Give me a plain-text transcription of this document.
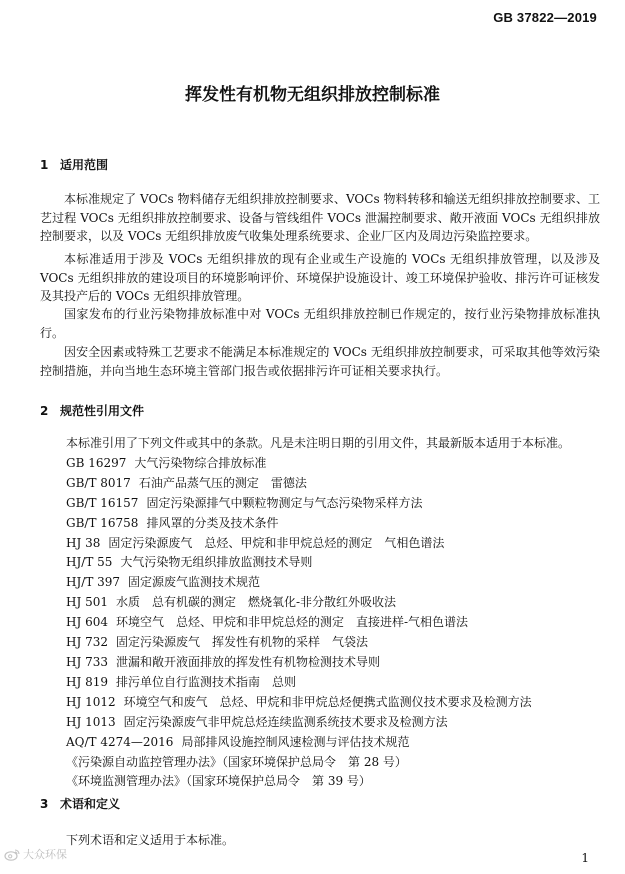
GB 37822—2019
挥发性有机物无组织排放控制标准
1 适用范围
本标准规定了 VOCs 物料储存无组织排放控制要求、VOCs 物料转移和输送无组织排放控制要求、工艺过程 VOCs 无组织排放控制要求、设备与管线组件 VOCs 泄漏控制要求、敞开液面 VOCs 无组织排放控制要求，以及 VOCs 无组织排放废气收集处理系统要求、企业厂区内及周边污染监控要求。
本标准适用于涉及 VOCs 无组织排放的现有企业或生产设施的 VOCs 无组织排放管理，以及涉及 VOCs 无组织排放的建设项目的环境影响评价、环境保护设施设计、竣工环境保护验收、排污许可证核发及其投产后的 VOCs 无组织排放管理。
国家发布的行业污染物排放标准中对 VOCs 无组织排放控制已作规定的，按行业污染物排放标准执行。
因安全因素或特殊工艺要求不能满足本标准规定的 VOCs 无组织排放控制要求，可采取其他等效污染控制措施，并向当地生态环境主管部门报告或依据排污许可证相关要求执行。
2 规范性引用文件
本标准引用了下列文件或其中的条款。凡是未注明日期的引用文件，其最新版本适用于本标准。
GB 16297 大气污染物综合排放标准
GB/T 8017 石油产品蒸气压的测定　雷德法
GB/T 16157 固定污染源排气中颗粒物测定与气态污染物采样方法
GB/T 16758 排风罩的分类及技术条件
HJ 38 固定污染源废气　总烃、甲烷和非甲烷总烃的测定　气相色谱法
HJ/T 55 大气污染物无组织排放监测技术导则
HJ/T 397 固定源废气监测技术规范
HJ 501 水质　总有机碳的测定　燃烧氧化-非分散红外吸收法
HJ 604 环境空气　总烃、甲烷和非甲烷总烃的测定　直接进样-气相色谱法
HJ 732 固定污染源废气　挥发性有机物的采样　气袋法
HJ 733 泄漏和敞开液面排放的挥发性有机物检测技术导则
HJ 819 排污单位自行监测技术指南　总则
HJ 1012 环境空气和废气　总烃、甲烷和非甲烷总烃便携式监测仪技术要求及检测方法
HJ 1013 固定污染源废气非甲烷总烃连续监测系统技术要求及检测方法
AQ/T 4274—2016 局部排风设施控制风速检测与评估技术规范
《污染源自动监控管理办法》（国家环境保护总局令　第 28 号）
《环境监测管理办法》（国家环境保护总局令　第 39 号）
3 术语和定义
下列术语和定义适用于本标准。
1
大众环保
